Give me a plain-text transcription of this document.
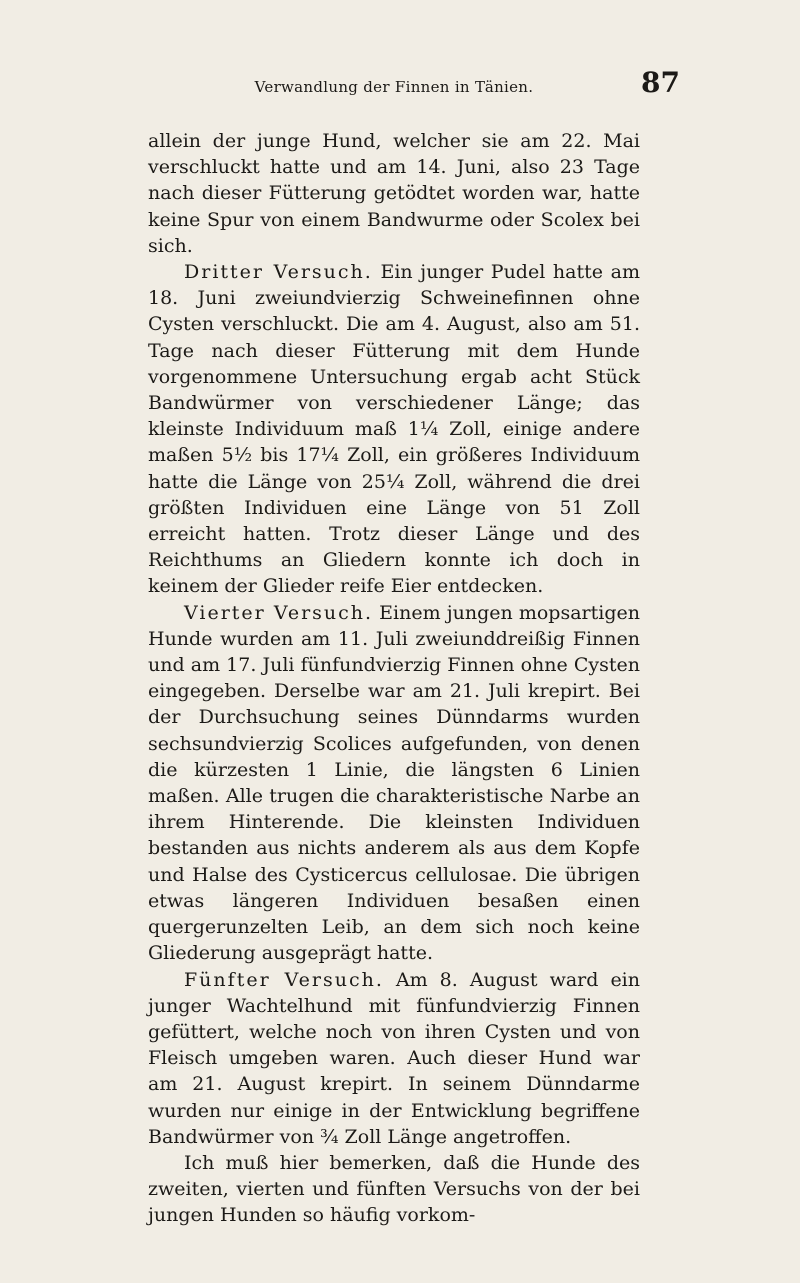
Verwandlung der Finnen in Tänien.	87

allein der junge Hund, welcher sie am 22. Mai verschluckt hatte und am 14. Juni, also 23 Tage nach dieser Fütterung getödtet worden war, hatte keine Spur von einem Bandwurme oder Scolex bei sich.

Dritter Versuch. Ein junger Pudel hatte am 18. Juni zweiundvierzig Schweinefinnen ohne Cysten verschluckt. Die am 4. August, also am 51. Tage nach dieser Fütterung mit dem Hunde vorgenommene Untersuchung ergab acht Stück Bandwürmer von verschiedener Länge; das kleinste Individuum maß 1¼ Zoll, einige andere maßen 5½ bis 17¼ Zoll, ein größeres Individuum hatte die Länge von 25¼ Zoll, während die drei größten Individuen eine Länge von 51 Zoll erreicht hatten. Trotz dieser Länge und des Reichthums an Gliedern konnte ich doch in keinem der Glieder reife Eier entdecken.

Vierter Versuch. Einem jungen mopsartigen Hunde wurden am 11. Juli zweiunddreißig Finnen und am 17. Juli fünfundvierzig Finnen ohne Cysten eingegeben. Derselbe war am 21. Juli krepirt. Bei der Durchsuchung seines Dünndarms wurden sechsundvierzig Scolices aufgefunden, von denen die kürzesten 1 Linie, die längsten 6 Linien maßen. Alle trugen die charakteristische Narbe an ihrem Hinterende. Die kleinsten Individuen bestanden aus nichts anderem als aus dem Kopfe und Halse des Cysticercus cellulosae. Die übrigen etwas längeren Individuen besaßen einen quergerunzelten Leib, an dem sich noch keine Gliederung ausgeprägt hatte.

Fünfter Versuch. Am 8. August ward ein junger Wachtelhund mit fünfundvierzig Finnen gefüttert, welche noch von ihren Cysten und von Fleisch umgeben waren. Auch dieser Hund war am 21. August krepirt. In seinem Dünndarme wurden nur einige in der Entwicklung begriffene Bandwürmer von ¾ Zoll Länge angetroffen.

Ich muß hier bemerken, daß die Hunde des zweiten, vierten und fünften Versuchs von der bei jungen Hunden so häufig vorkom-
